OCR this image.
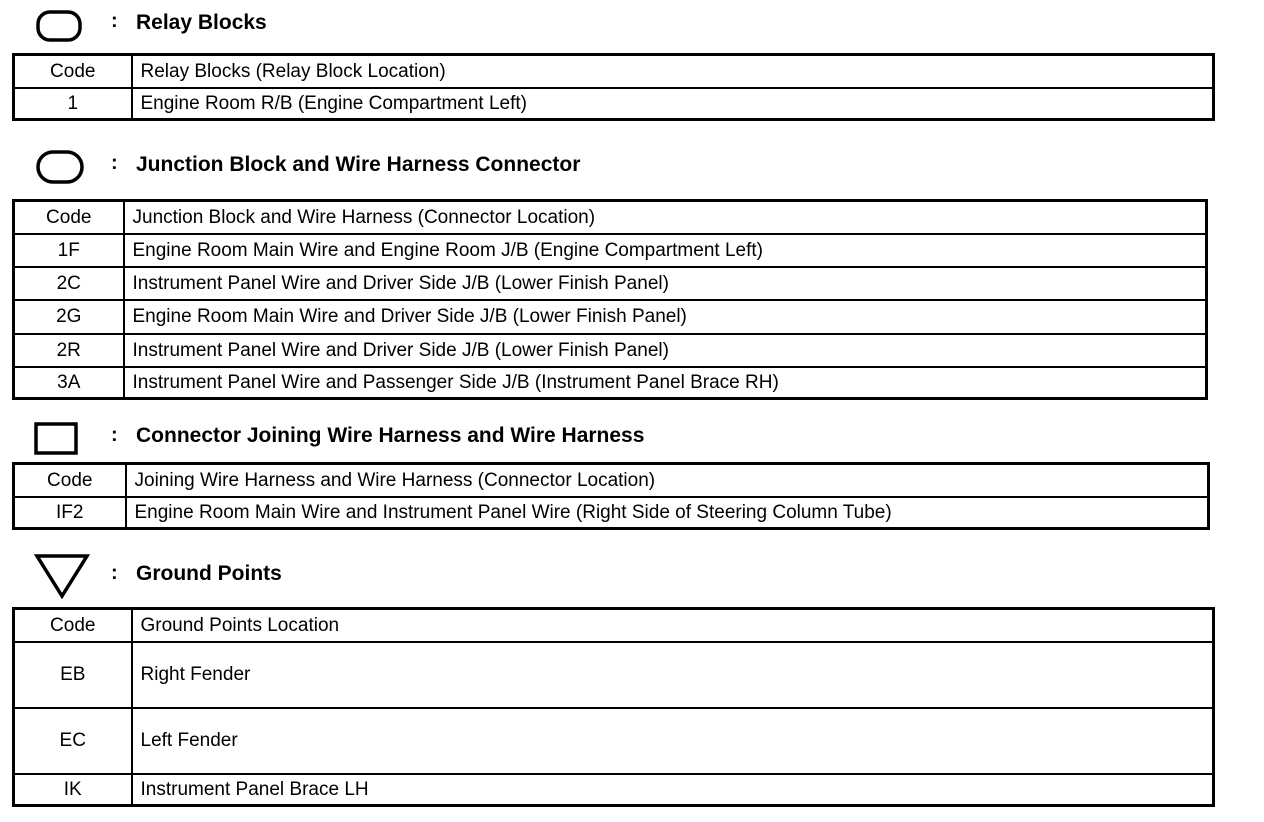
: Relay Blocks
Code	Relay Blocks (Relay Block Location)
1	Engine Room R/B (Engine Compartment Left)
: Junction Block and Wire Harness Connector
Code	Junction Block and Wire Harness (Connector Location)
1F	Engine Room Main Wire and Engine Room J/B (Engine Compartment Left)
2C	Instrument Panel Wire and Driver Side J/B (Lower Finish Panel)
2G	Engine Room Main Wire and Driver Side J/B (Lower Finish Panel)
2R	Instrument Panel Wire and Driver Side J/B (Lower Finish Panel)
3A	Instrument Panel Wire and Passenger Side J/B (Instrument Panel Brace RH)
: Connector Joining Wire Harness and Wire Harness
Code	Joining Wire Harness and Wire Harness (Connector Location)
IF2	Engine Room Main Wire and Instrument Panel Wire (Right Side of Steering Column Tube)
: Ground Points
Code	Ground Points Location
EB	Right Fender
EC	Left Fender
IK	Instrument Panel Brace LH
